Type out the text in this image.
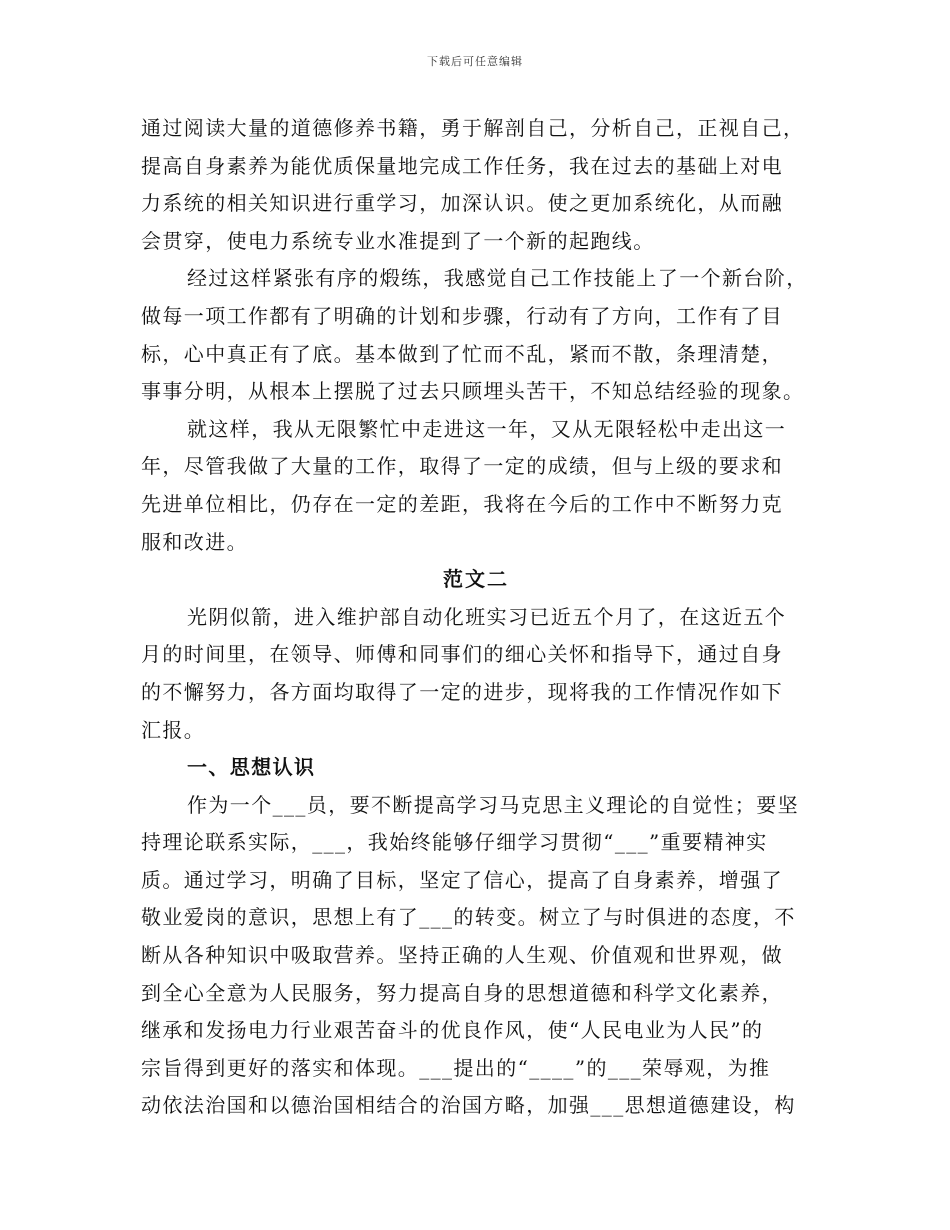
下载后可任意编辑
通过阅读大量的道德修养书籍，勇于解剖自己，分析自己，正视自己，
提高自身素养为能优质保量地完成工作任务，我在过去的基础上对电
力系统的相关知识进行重学习，加深认识。使之更加系统化，从而融
会贯穿，使电力系统专业水准提到了一个新的起跑线。
经过这样紧张有序的煅练，我感觉自己工作技能上了一个新台阶，
做每一项工作都有了明确的计划和步骤，行动有了方向，工作有了目
标，心中真正有了底。基本做到了忙而不乱，紧而不散，条理清楚，
事事分明，从根本上摆脱了过去只顾埋头苦干，不知总结经验的现象。
就这样，我从无限繁忙中走进这一年，又从无限轻松中走出这一
年，尽管我做了大量的工作，取得了一定的成绩，但与上级的要求和
先进单位相比，仍存在一定的差距，我将在今后的工作中不断努力克
服和改进。
范文二
光阴似箭，进入维护部自动化班实习已近五个月了，在这近五个
月的时间里，在领导、师傅和同事们的细心关怀和指导下，通过自身
的不懈努力，各方面均取得了一定的进步，现将我的工作情况作如下
汇报。
一、思想认识
作为一个___员，要不断提高学习马克思主义理论的自觉性；要坚
持理论联系实际，___，我始终能够仔细学习贯彻“___”重要精神实
质。通过学习，明确了目标，坚定了信心，提高了自身素养，增强了
敬业爱岗的意识，思想上有了___的转变。树立了与时俱进的态度，不
断从各种知识中吸取营养。坚持正确的人生观、价值观和世界观，做
到全心全意为人民服务，努力提高自身的思想道德和科学文化素养，
继承和发扬电力行业艰苦奋斗的优良作风，使“人民电业为人民”的
宗旨得到更好的落实和体现。___提出的“____”的___荣辱观，为推
动依法治国和以德治国相结合的治国方略，加强___思想道德建设，构
